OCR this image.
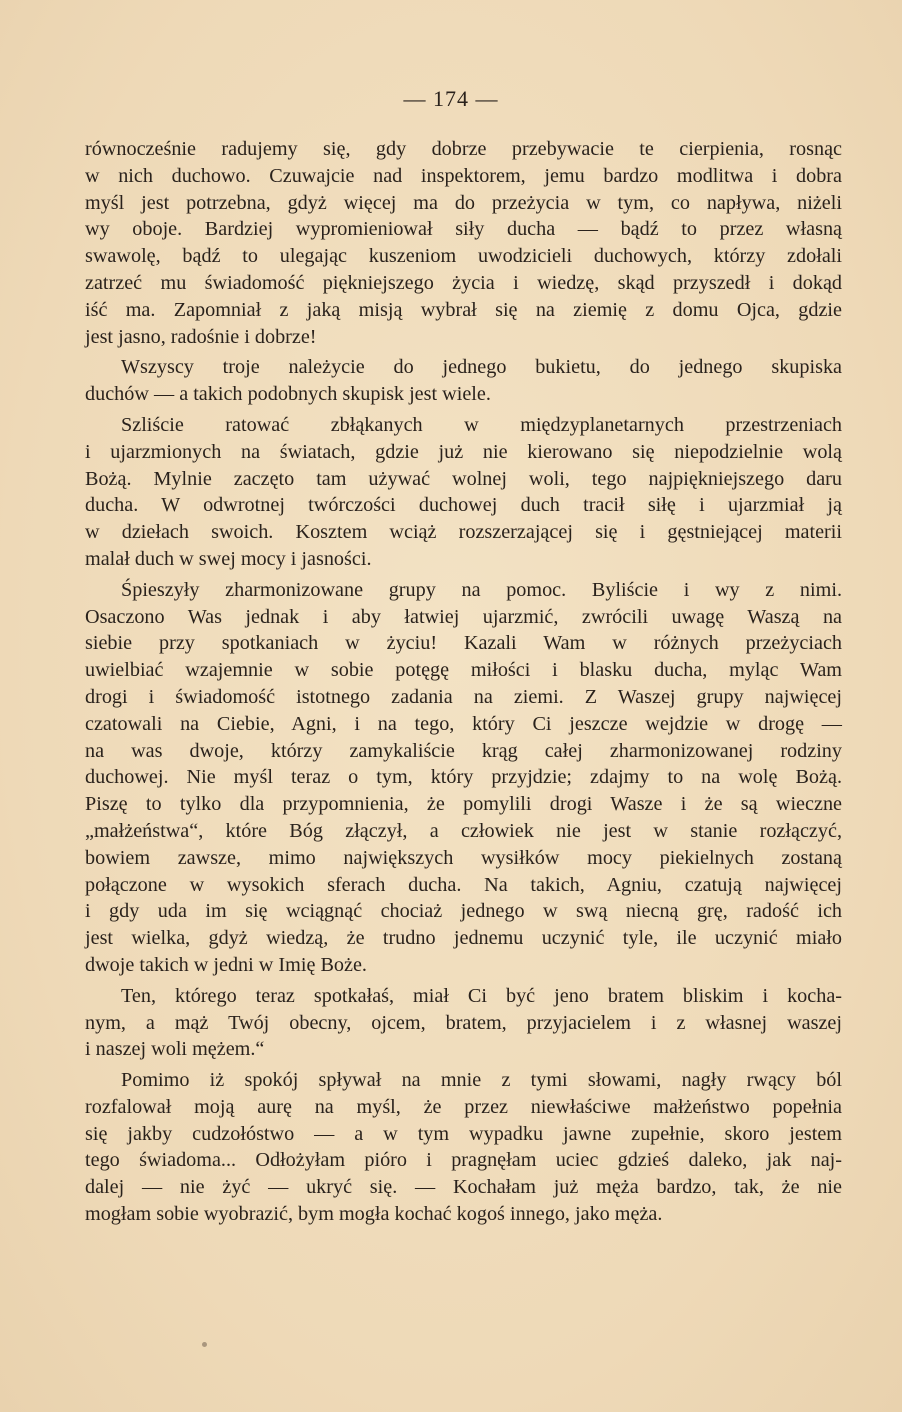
— 174 —
równocześnie radujemy się, gdy dobrze przebywacie te cierpienia, rosnąc
w nich duchowo. Czuwajcie nad inspektorem, jemu bardzo modlitwa i dobra
myśl jest potrzebna, gdyż więcej ma do przeżycia w tym, co napływa, niżeli
wy oboje. Bardziej wypromieniował siły ducha — bądź to przez własną
swawolę, bądź to ulegając kuszeniom uwodzicieli duchowych, którzy zdołali
zatrzeć mu świadomość piękniejszego życia i wiedzę, skąd przyszedł i dokąd
iść ma. Zapomniał z jaką misją wybrał się na ziemię z domu Ojca, gdzie
jest jasno, radośnie i dobrze!
Wszyscy troje należycie do jednego bukietu, do jednego skupiska
duchów — a takich podobnych skupisk jest wiele.
Szliście ratować zbłąkanych w międzyplanetarnych przestrzeniach
i ujarzmionych na światach, gdzie już nie kierowano się niepodzielnie wolą
Bożą. Mylnie zaczęto tam używać wolnej woli, tego najpiękniejszego daru
ducha. W odwrotnej twórczości duchowej duch tracił siłę i ujarzmiał ją
w dziełach swoich. Kosztem wciąż rozszerzającej się i gęstniejącej materii
malał duch w swej mocy i jasności.
Śpieszyły zharmonizowane grupy na pomoc. Byliście i wy z nimi.
Osaczono Was jednak i aby łatwiej ujarzmić, zwrócili uwagę Waszą na
siebie przy spotkaniach w życiu! Kazali Wam w różnych przeżyciach
uwielbiać wzajemnie w sobie potęgę miłości i blasku ducha, myląc Wam
drogi i świadomość istotnego zadania na ziemi. Z Waszej grupy najwięcej
czatowali na Ciebie, Agni, i na tego, który Ci jeszcze wejdzie w drogę —
na was dwoje, którzy zamykaliście krąg całej zharmonizowanej rodziny
duchowej. Nie myśl teraz o tym, który przyjdzie; zdajmy to na wolę Bożą.
Piszę to tylko dla przypomnienia, że pomylili drogi Wasze i że są wieczne
„małżeństwa“, które Bóg złączył, a człowiek nie jest w stanie rozłączyć,
bowiem zawsze, mimo największych wysiłków mocy piekielnych zostaną
połączone w wysokich sferach ducha. Na takich, Agniu, czatują najwięcej
i gdy uda im się wciągnąć chociaż jednego w swą niecną grę, radość ich
jest wielka, gdyż wiedzą, że trudno jednemu uczynić tyle, ile uczynić miało
dwoje takich w jedni w Imię Boże.
Ten, którego teraz spotkałaś, miał Ci być jeno bratem bliskim i kocha-
nym, a mąż Twój obecny, ojcem, bratem, przyjacielem i z własnej waszej
i naszej woli mężem.“
Pomimo iż spokój spływał na mnie z tymi słowami, nagły rwący ból
rozfalował moją aurę na myśl, że przez niewłaściwe małżeństwo popełnia
się jakby cudzołóstwo — a w tym wypadku jawne zupełnie, skoro jestem
tego świadoma... Odłożyłam pióro i pragnęłam uciec gdzieś daleko, jak naj-
dalej — nie żyć — ukryć się. — Kochałam już męża bardzo, tak, że nie
mogłam sobie wyobrazić, bym mogła kochać kogoś innego, jako męża.
